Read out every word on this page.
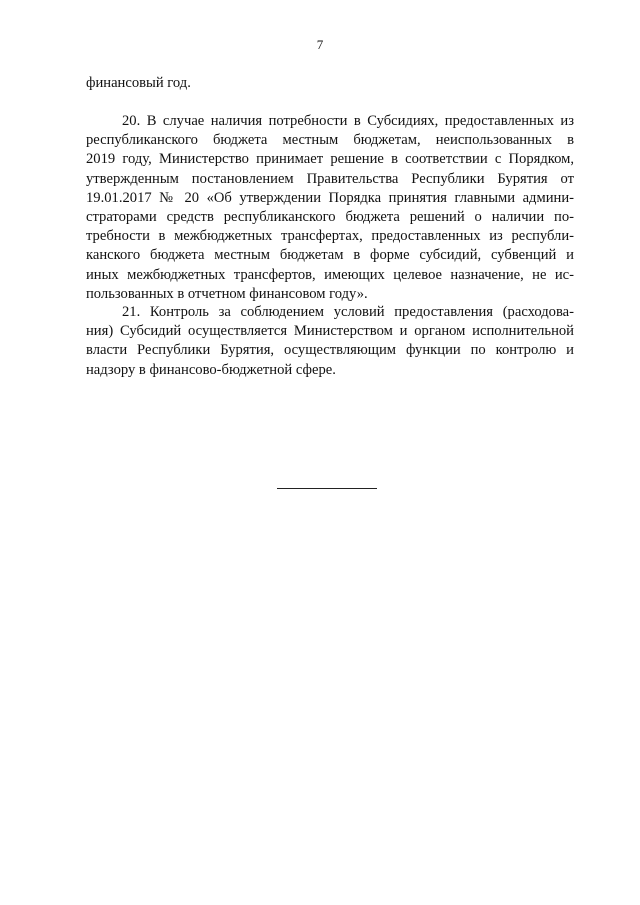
7

финансовый год.

20. В случае наличия потребности в Субсидиях, предоставленных из
республиканского бюджета местным бюджетам, неиспользованных в
2019 году, Министерство принимает решение в соответствии с Порядком,
утвержденным постановлением Правительства Республики Бурятия от
19.01.2017 № 20 «Об утверждении Порядка принятия главными админи-
страторами средств республиканского бюджета решений о наличии по-
требности в межбюджетных трансфертах, предоставленных из республи-
канского бюджета местным бюджетам в форме субсидий, субвенций и
иных межбюджетных трансфертов, имеющих целевое назначение, не ис-
пользованных в отчетном финансовом году».
21. Контроль за соблюдением условий предоставления (расходова-
ния) Субсидий осуществляется Министерством и органом исполнительной
власти Республики Бурятия, осуществляющим функции по контролю и
надзору в финансово-бюджетной сфере.
